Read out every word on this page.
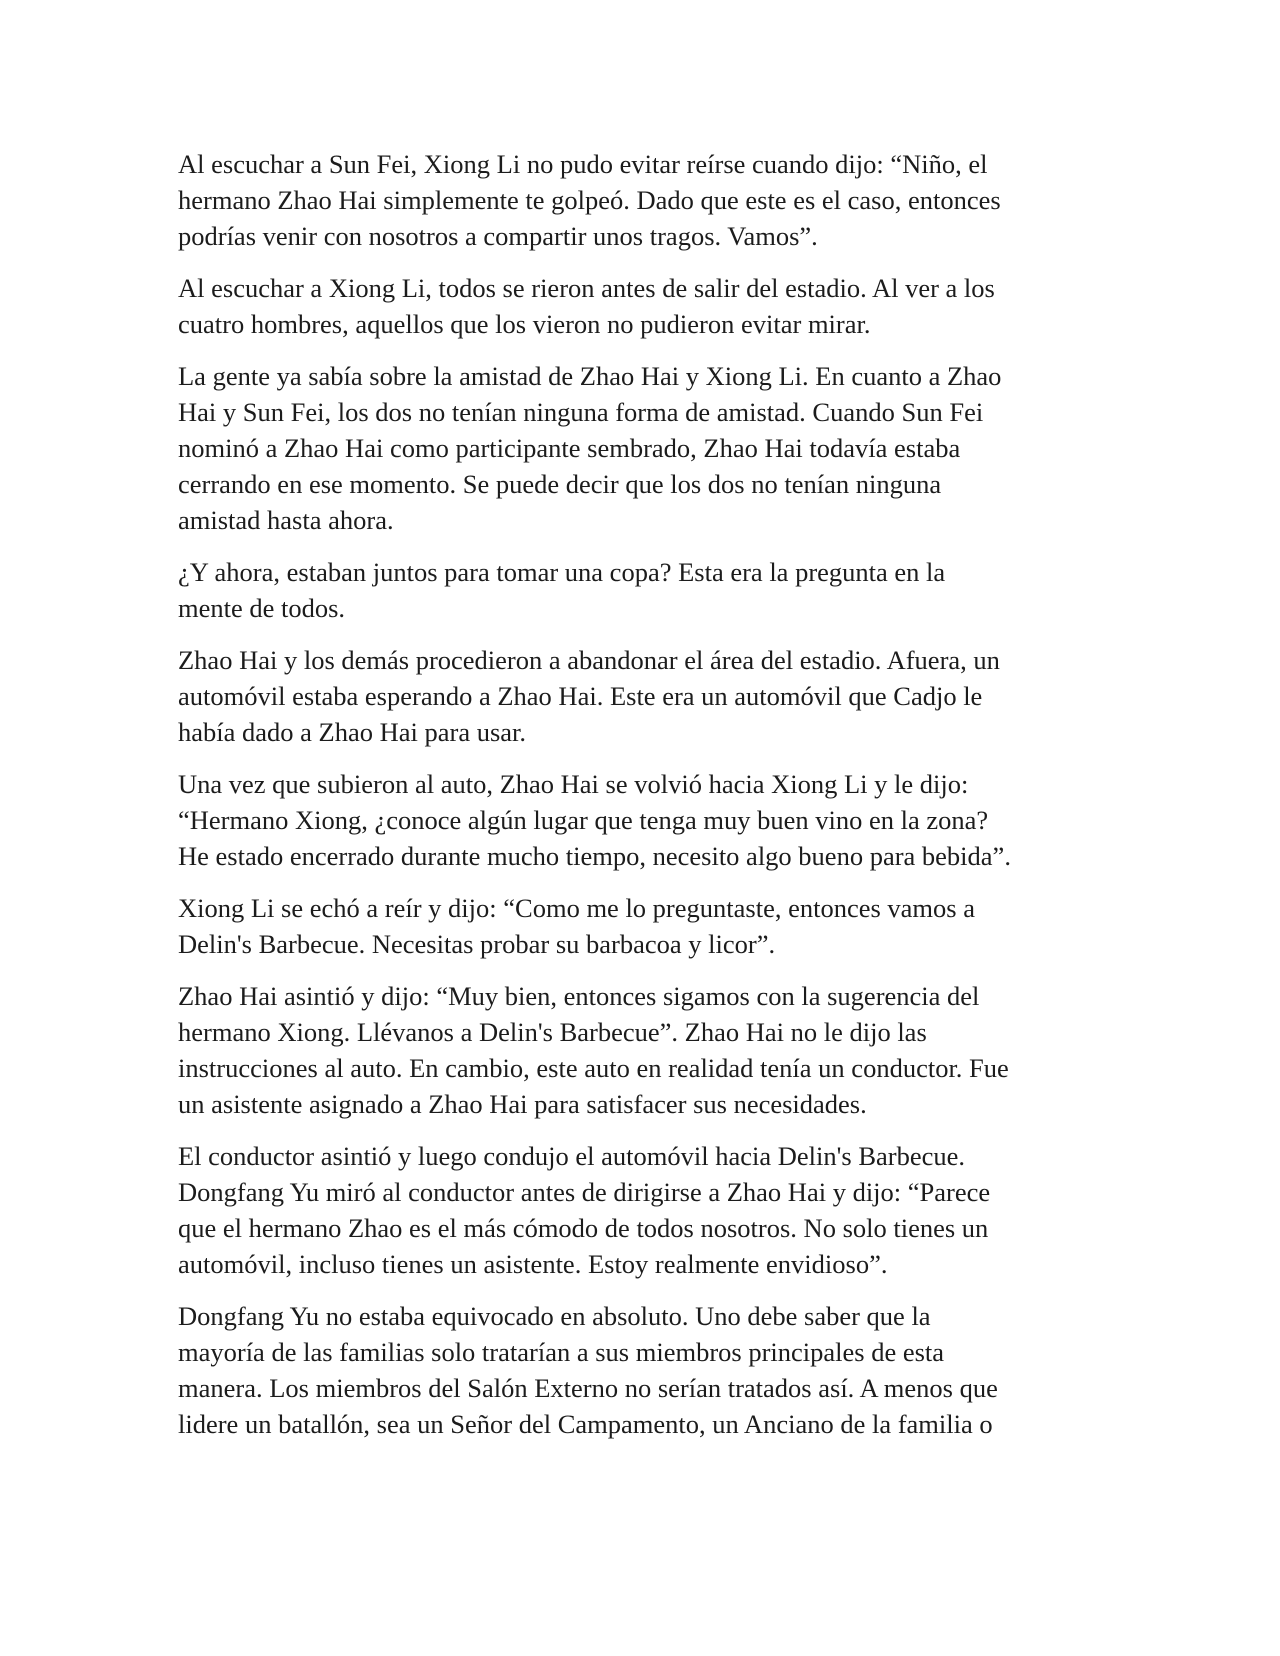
Al escuchar a Sun Fei, Xiong Li no pudo evitar reírse cuando dijo: “Niño, el
hermano Zhao Hai simplemente te golpeó. Dado que este es el caso, entonces
podrías venir con nosotros a compartir unos tragos. Vamos”.

Al escuchar a Xiong Li, todos se rieron antes de salir del estadio. Al ver a los
cuatro hombres, aquellos que los vieron no pudieron evitar mirar.

La gente ya sabía sobre la amistad de Zhao Hai y Xiong Li. En cuanto a Zhao
Hai y Sun Fei, los dos no tenían ninguna forma de amistad. Cuando Sun Fei
nominó a Zhao Hai como participante sembrado, Zhao Hai todavía estaba
cerrando en ese momento. Se puede decir que los dos no tenían ninguna
amistad hasta ahora.

¿Y ahora, estaban juntos para tomar una copa? Esta era la pregunta en la
mente de todos.

Zhao Hai y los demás procedieron a abandonar el área del estadio. Afuera, un
automóvil estaba esperando a Zhao Hai. Este era un automóvil que Cadjo le
había dado a Zhao Hai para usar.

Una vez que subieron al auto, Zhao Hai se volvió hacia Xiong Li y le dijo:
“Hermano Xiong, ¿conoce algún lugar que tenga muy buen vino en la zona?
He estado encerrado durante mucho tiempo, necesito algo bueno para bebida”.

Xiong Li se echó a reír y dijo: “Como me lo preguntaste, entonces vamos a
Delin's Barbecue. Necesitas probar su barbacoa y licor”.

Zhao Hai asintió y dijo: “Muy bien, entonces sigamos con la sugerencia del
hermano Xiong. Llévanos a Delin's Barbecue”. Zhao Hai no le dijo las
instrucciones al auto. En cambio, este auto en realidad tenía un conductor. Fue
un asistente asignado a Zhao Hai para satisfacer sus necesidades.

El conductor asintió y luego condujo el automóvil hacia Delin's Barbecue.
Dongfang Yu miró al conductor antes de dirigirse a Zhao Hai y dijo: “Parece
que el hermano Zhao es el más cómodo de todos nosotros. No solo tienes un
automóvil, incluso tienes un asistente. Estoy realmente envidioso”.

Dongfang Yu no estaba equivocado en absoluto. Uno debe saber que la
mayoría de las familias solo tratarían a sus miembros principales de esta
manera. Los miembros del Salón Externo no serían tratados así. A menos que
lidere un batallón, sea un Señor del Campamento, un Anciano de la familia o
